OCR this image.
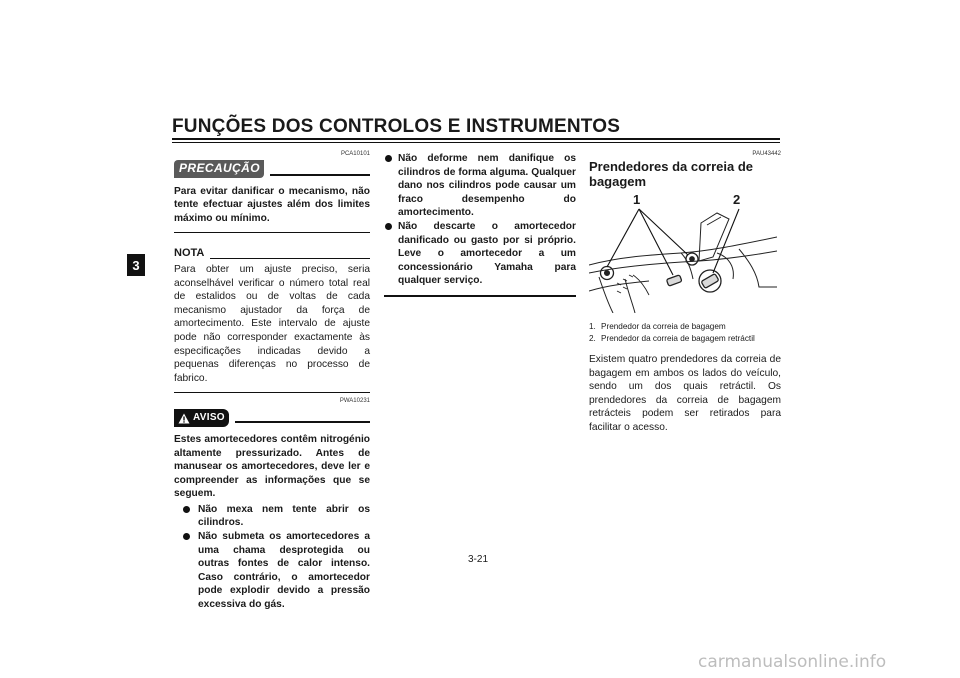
FUNÇÕES DOS CONTROLOS E INSTRUMENTOS
3
PCA10101
PRECAUÇÃO
Para evitar danificar o mecanismo, não tente efectuar ajustes além dos limites máximo ou mínimo.
NOTA
Para obter um ajuste preciso, seria aconselhável verificar o número total real de estalidos ou de voltas de cada mecanismo ajustador da força de amortecimento. Este intervalo de ajuste pode não corresponder exactamente às especificações indicadas devido a pequenas diferenças no processo de fabrico.
PWA10231
AVISO
Estes amortecedores contêm nitrogénio altamente pressurizado. Antes de manusear os amortecedores, deve ler e compreender as informações que se seguem.
Não mexa nem tente abrir os cilindros.
Não submeta os amortecedores a uma chama desprotegida ou outras fontes de calor intenso. Caso contrário, o amortecedor pode explodir devido a pressão excessiva do gás.
Não deforme nem danifique os cilindros de forma alguma. Qualquer dano nos cilindros pode causar um fraco desempenho do amortecimento.
Não descarte o amortecedor danificado ou gasto por si próprio. Leve o amortecedor a um concessionário Yamaha para qualquer serviço.
PAU43442
Prendedores da correia de bagagem
1	2
1. Prendedor da correia de bagagem
2. Prendedor da correia de bagagem retráctil
Existem quatro prendedores da correia de bagagem em ambos os lados do veículo, sendo um dos quais retráctil. Os prendedores da correia de bagagem retrácteis podem ser retirados para facilitar o acesso.
3-21
carmanualsonline.info
